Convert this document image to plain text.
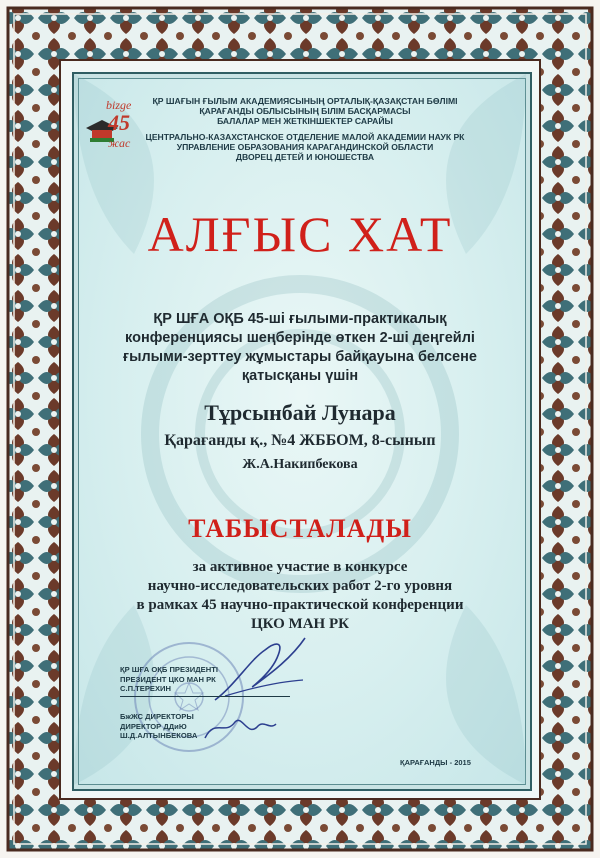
bizge
45
жас
ҚР ШАҒЫН ҒЫЛЫМ АКАДЕМИЯСЫНЫҢ ОРТАЛЫҚ-ҚАЗАҚСТАН БӨЛІМІ
ҚАРАҒАНДЫ ОБЛЫСЫНЫҢ БІЛІМ БАСҚАРМАСЫ
БАЛАЛАР МЕН ЖЕТКІНШЕКТЕР САРАЙЫ
ЦЕНТРАЛЬНО-КАЗАХСТАНСКОЕ ОТДЕЛЕНИЕ МАЛОЙ АКАДЕМИИ НАУК РК
УПРАВЛЕНИЕ ОБРАЗОВАНИЯ КАРАГАНДИНСКОЙ ОБЛАСТИ
ДВОРЕЦ ДЕТЕЙ И ЮНОШЕСТВА
АЛҒЫС ХАТ
ҚР ШҒА ОҚБ 45-ші ғылыми-практикалық
конференциясы шеңберінде өткен 2-ші деңгейлі
ғылыми-зерттеу жұмыстары байқауына белсене
қатысқаны үшін
Тұрсынбай Лунара
Қарағанды қ., №4 ЖББОМ, 8-сынып
Ж.А.Накипбекова
ТАБЫСТАЛАДЫ
за активное участие в конкурсе
научно-исследовательских работ 2-го уровня
в рамках 45 научно-практической конференции
ЦКО МАН РК
ҚР ШҒА ОҚБ ПРЕЗИДЕНТІ
ПРЕЗИДЕНТ ЦКО МАН РК
С.П.ТЕРЕХИН
БжЖС ДИРЕКТОРЫ
ДИРЕКТОР ДДиЮ
Ш.Д.АЛТЫНБЕКОВА
ҚАРАҒАНДЫ - 2015
